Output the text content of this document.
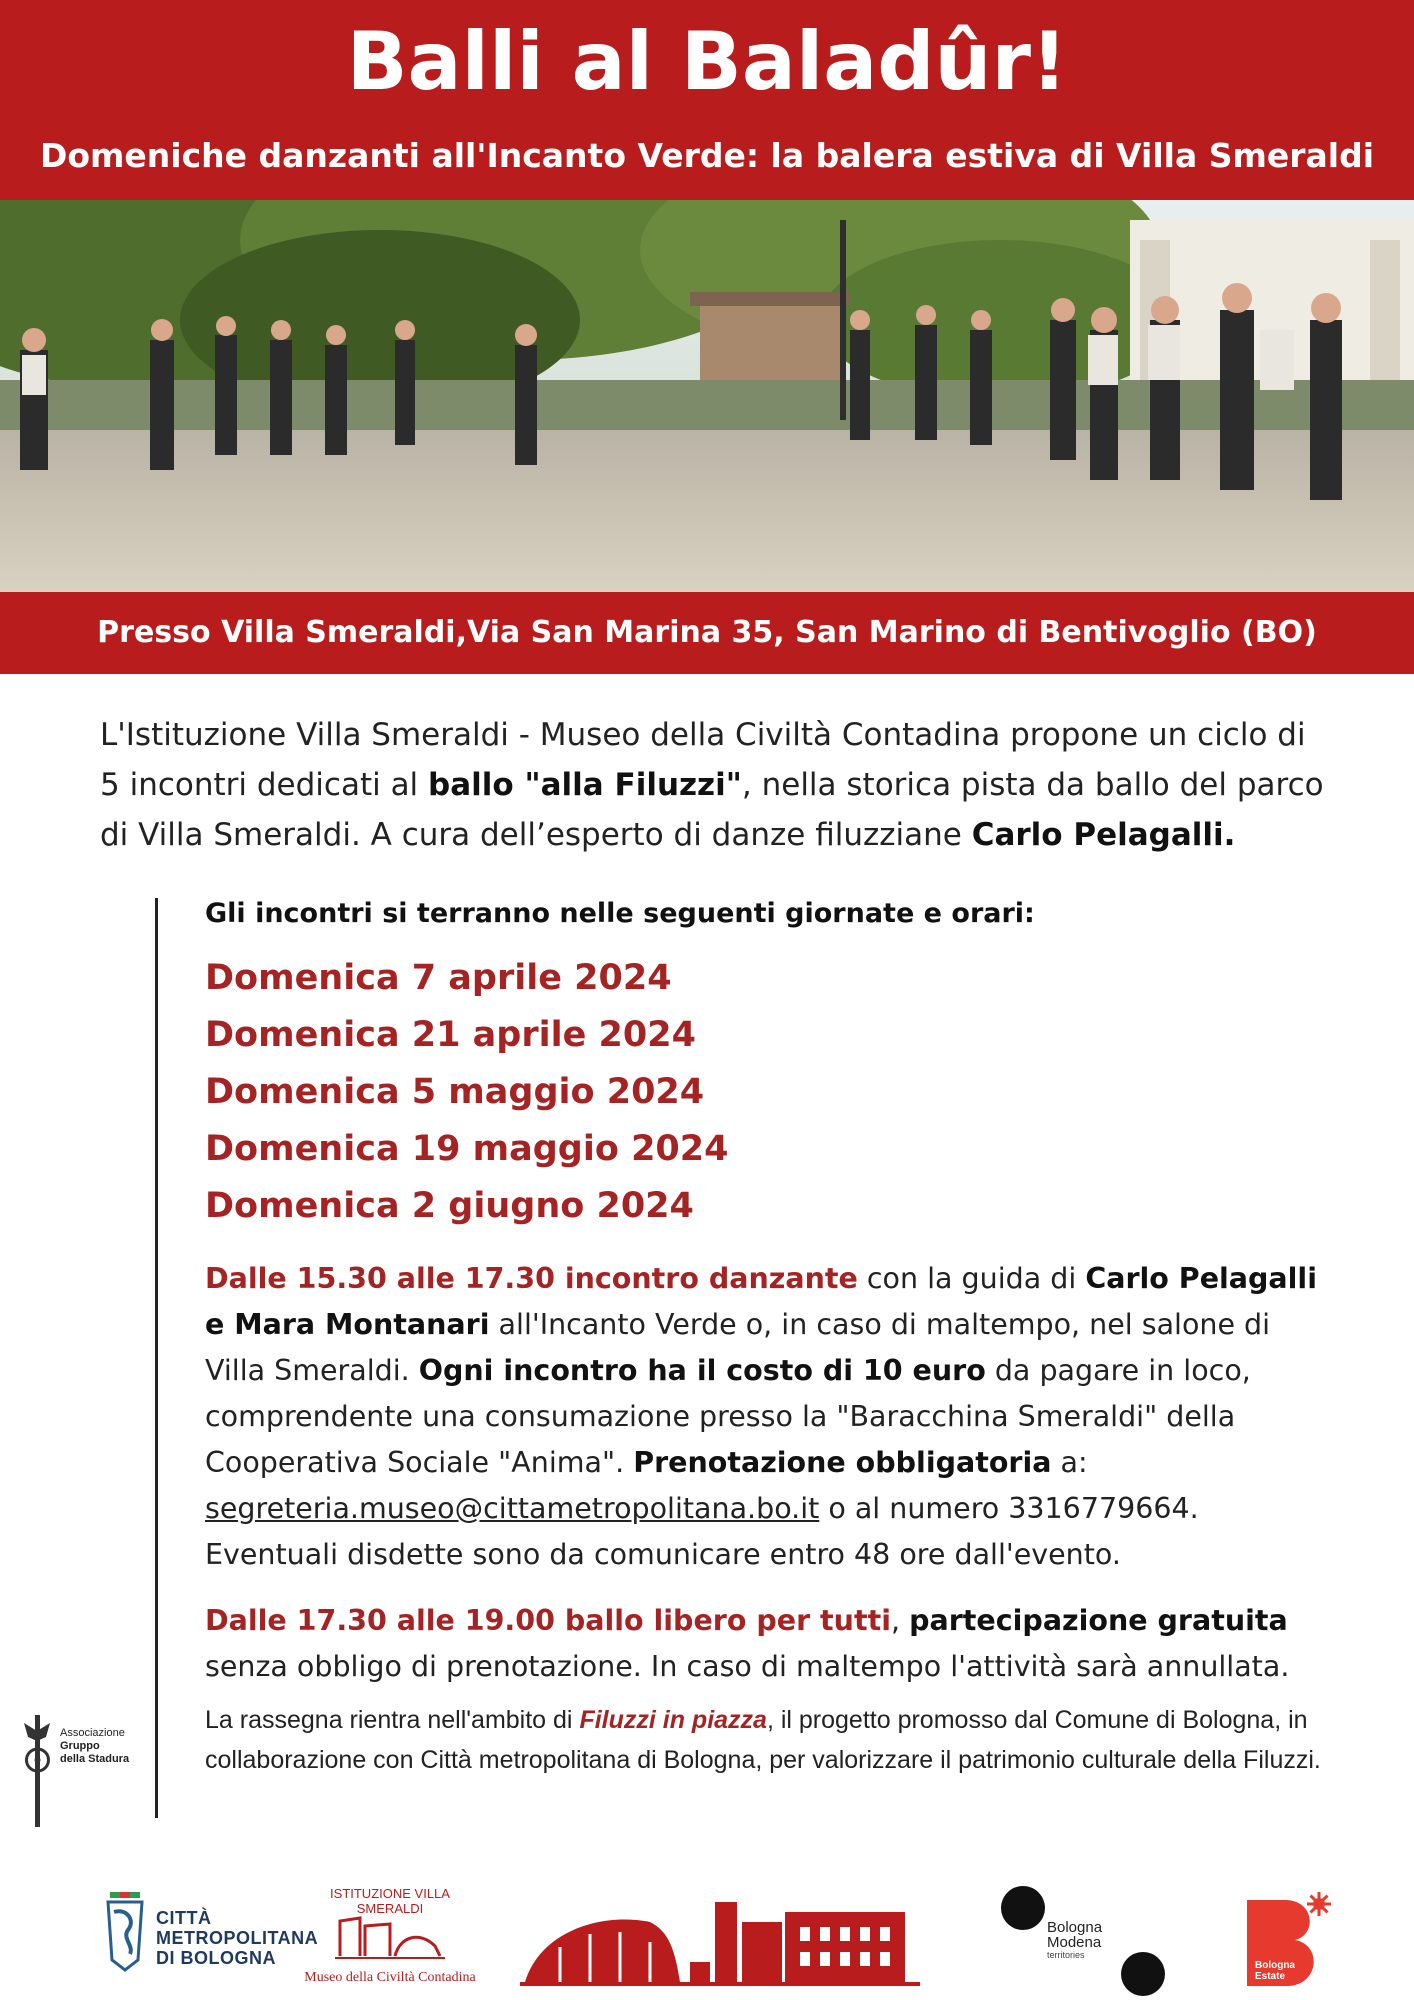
Balli al Baladûr!
Domeniche danzanti all'Incanto Verde: la balera estiva di Villa Smeraldi
Presso Villa Smeraldi,Via San Marina 35, San Marino di Bentivoglio (BO)
L'Istituzione Villa Smeraldi - Museo della Civiltà Contadina propone un ciclo di 5 incontri dedicati al ballo "alla Filuzzi", nella storica pista da ballo del parco di Villa Smeraldi. A cura dell’esperto di danze filuzziane Carlo Pelagalli.
Gli incontri si terranno nelle seguenti giornate e orari:
Domenica 7 aprile 2024
Domenica 21 aprile 2024
Domenica 5 maggio 2024
Domenica 19 maggio 2024
Domenica 2 giugno 2024
Dalle 15.30 alle 17.30 incontro danzante con la guida di Carlo Pelagalli e Mara Montanari all'Incanto Verde o, in caso di maltempo, nel salone di Villa Smeraldi. Ogni incontro ha il costo di 10 euro da pagare in loco, comprendente una consumazione presso la "Baracchina Smeraldi" della Cooperativa Sociale "Anima". Prenotazione obbligatoria a: segreteria.museo@cittametropolitana.bo.it o al numero 3316779664. Eventuali disdette sono da comunicare entro 48 ore dall'evento.
Dalle 17.30 alle 19.00 ballo libero per tutti, partecipazione gratuita senza obbligo di prenotazione. In caso di maltempo l'attività sarà annullata.
La rassegna rientra nell'ambito di Filuzzi in piazza, il progetto promosso dal Comune di Bologna, in collaborazione con Città metropolitana di Bologna, per valorizzare il patrimonio culturale della Filuzzi.
Associazione
Gruppo
della Stadura
CITTÀ
METROPOLITANA
DI BOLOGNA
ISTITUZIONE VILLA SMERALDI
Museo della Civiltà Contadina
Bologna
Modena
territories
Bologna
Estate
